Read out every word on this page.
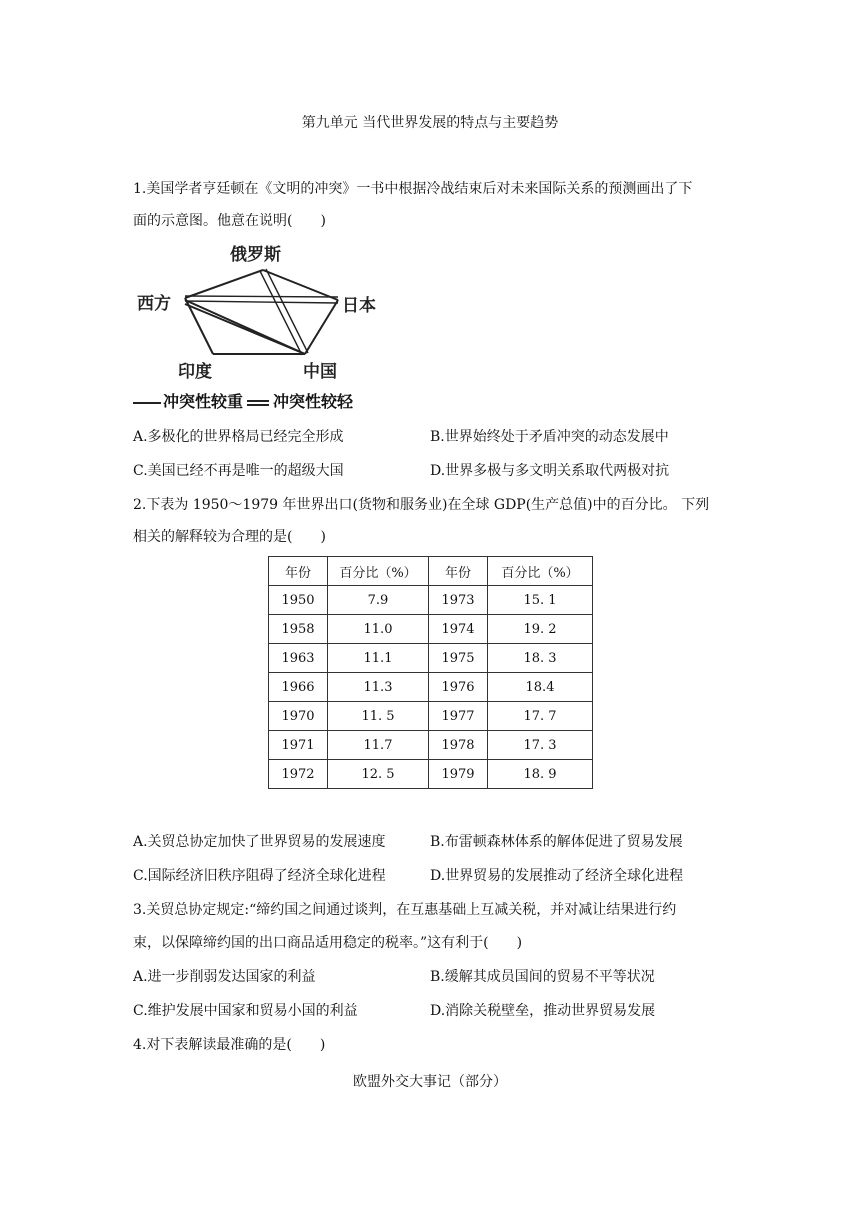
第九单元 当代世界发展的特点与主要趋势
1.美国学者亨廷顿在《文明的冲突》一书中根据冷战结束后对未来国际关系的预测画出了下
面的示意图。他意在说明(　　)
俄罗斯
西方	日本
印度	中国
冲突性较重 冲突性较轻
A.多极化的世界格局已经完全形成	B.世界始终处于矛盾冲突的动态发展中
C.美国已经不再是唯一的超级大国	D.世界多极与多文明关系取代两极对抗
2.下表为 1950～1979 年世界出口(货物和服务业)在全球 GDP(生产总值)中的百分比。 下列
相关的解释较为合理的是(　　)
年份	百分比（%）	年份	百分比（%）
1950	7.9	1973	15. 1
1958	11.0	1974	19. 2
1963	11.1	1975	18. 3
1966	11.3	1976	18.4
1970	11. 5	1977	17. 7
1971	11.7	1978	17. 3
1972	12. 5	1979	18. 9
A.关贸总协定加快了世界贸易的发展速度	B.布雷顿森林体系的解体促进了贸易发展
C.国际经济旧秩序阻碍了经济全球化进程	D.世界贸易的发展推动了经济全球化进程
3.关贸总协定规定:“缔约国之间通过谈判，在互惠基础上互减关税，并对减让结果进行约
束，以保障缔约国的出口商品适用稳定的税率。”这有利于(　　)
A.进一步削弱发达国家的利益	B.缓解其成员国间的贸易不平等状况
C.维护发展中国家和贸易小国的利益	D.消除关税壁垒，推动世界贸易发展
4.对下表解读最准确的是(　　)
欧盟外交大事记（部分）
